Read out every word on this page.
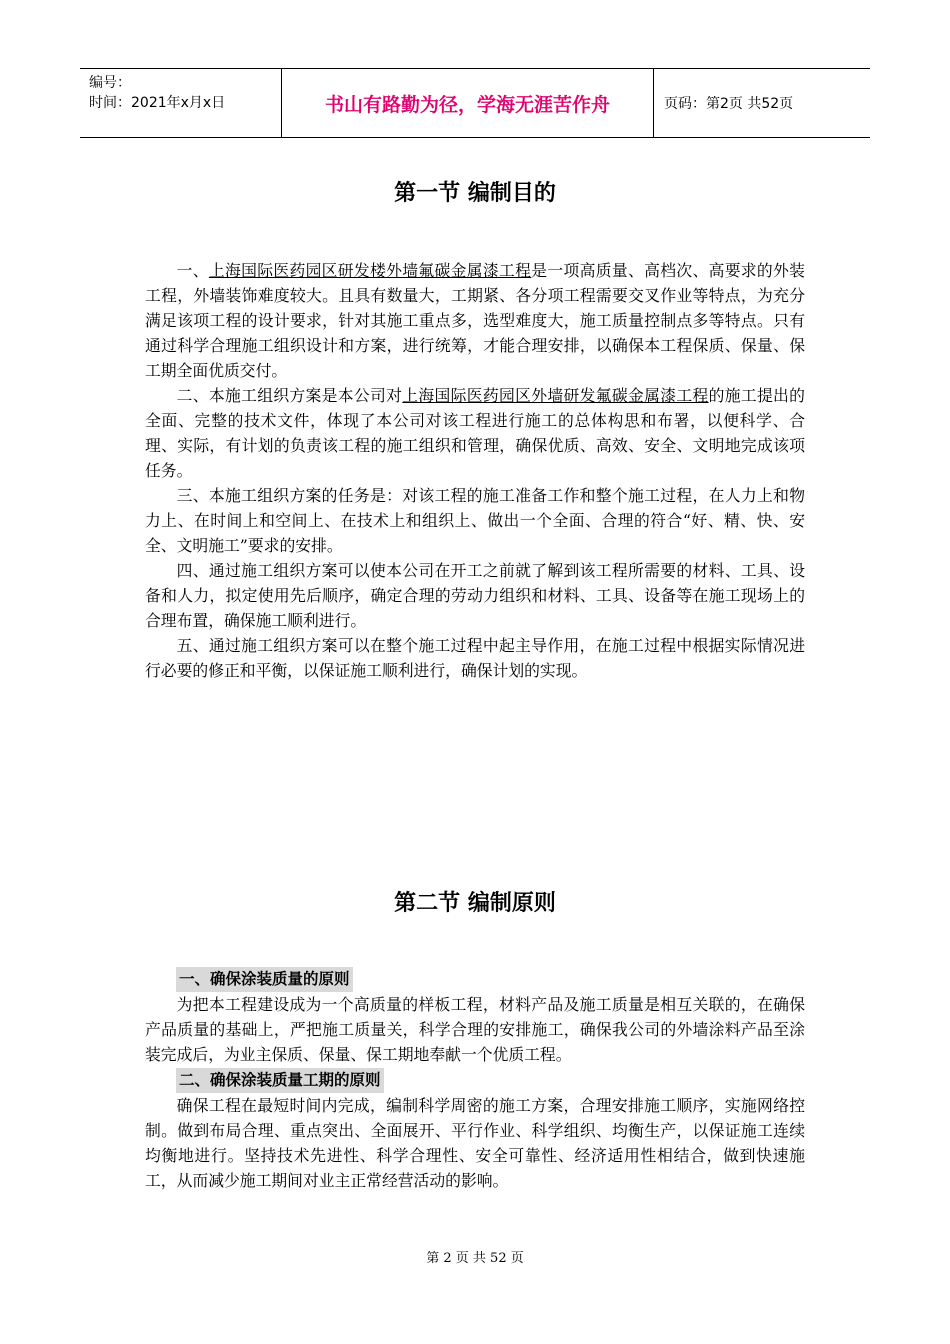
编号：
时间：2021年x月x日	书山有路勤为径，学海无涯苦作舟	页码：第2页 共52页
第一节 编制目的

一、上海国际医药园区研发楼外墙氟碳金属漆工程是一项高质量、高档次、高要求的外装工程，外墙装饰难度较大。且具有数量大，工期紧、各分项工程需要交叉作业等特点，为充分满足该项工程的设计要求，针对其施工重点多，选型难度大，施工质量控制点多等特点。只有通过科学合理施工组织设计和方案，进行统筹，才能合理安排，以确保本工程保质、保量、保工期全面优质交付。

二、本施工组织方案是本公司对上海国际医药园区外墙研发氟碳金属漆工程的施工提出的全面、完整的技术文件，体现了本公司对该工程进行施工的总体构思和布署，以便科学、合理、实际，有计划的负责该工程的施工组织和管理，确保优质、高效、安全、文明地完成该项任务。

三、本施工组织方案的任务是：对该工程的施工准备工作和整个施工过程，在人力上和物力上、在时间上和空间上、在技术上和组织上、做出一个全面、合理的符合“好、精、快、安全、文明施工”要求的安排。

四、通过施工组织方案可以使本公司在开工之前就了解到该工程所需要的材料、工具、设备和人力，拟定使用先后顺序，确定合理的劳动力组织和材料、工具、设备等在施工现场上的合理布置，确保施工顺利进行。

五、通过施工组织方案可以在整个施工过程中起主导作用，在施工过程中根据实际情况进行必要的修正和平衡，以保证施工顺利进行，确保计划的实现。

第二节 编制原则
一、确保涂装质量的原则

为把本工程建设成为一个高质量的样板工程，材料产品及施工质量是相互关联的，在确保产品质量的基础上，严把施工质量关，科学合理的安排施工，确保我公司的外墙涂料产品至涂装完成后，为业主保质、保量、保工期地奉献一个优质工程。

二、确保涂装质量工期的原则

确保工程在最短时间内完成，编制科学周密的施工方案，合理安排施工顺序，实施网络控制。做到布局合理、重点突出、全面展开、平行作业、科学组织、均衡生产，以保证施工连续均衡地进行。坚持技术先进性、科学合理性、安全可靠性、经济适用性相结合，做到快速施工，从而减少施工期间对业主正常经营活动的影响。

第 2 页 共 52 页
